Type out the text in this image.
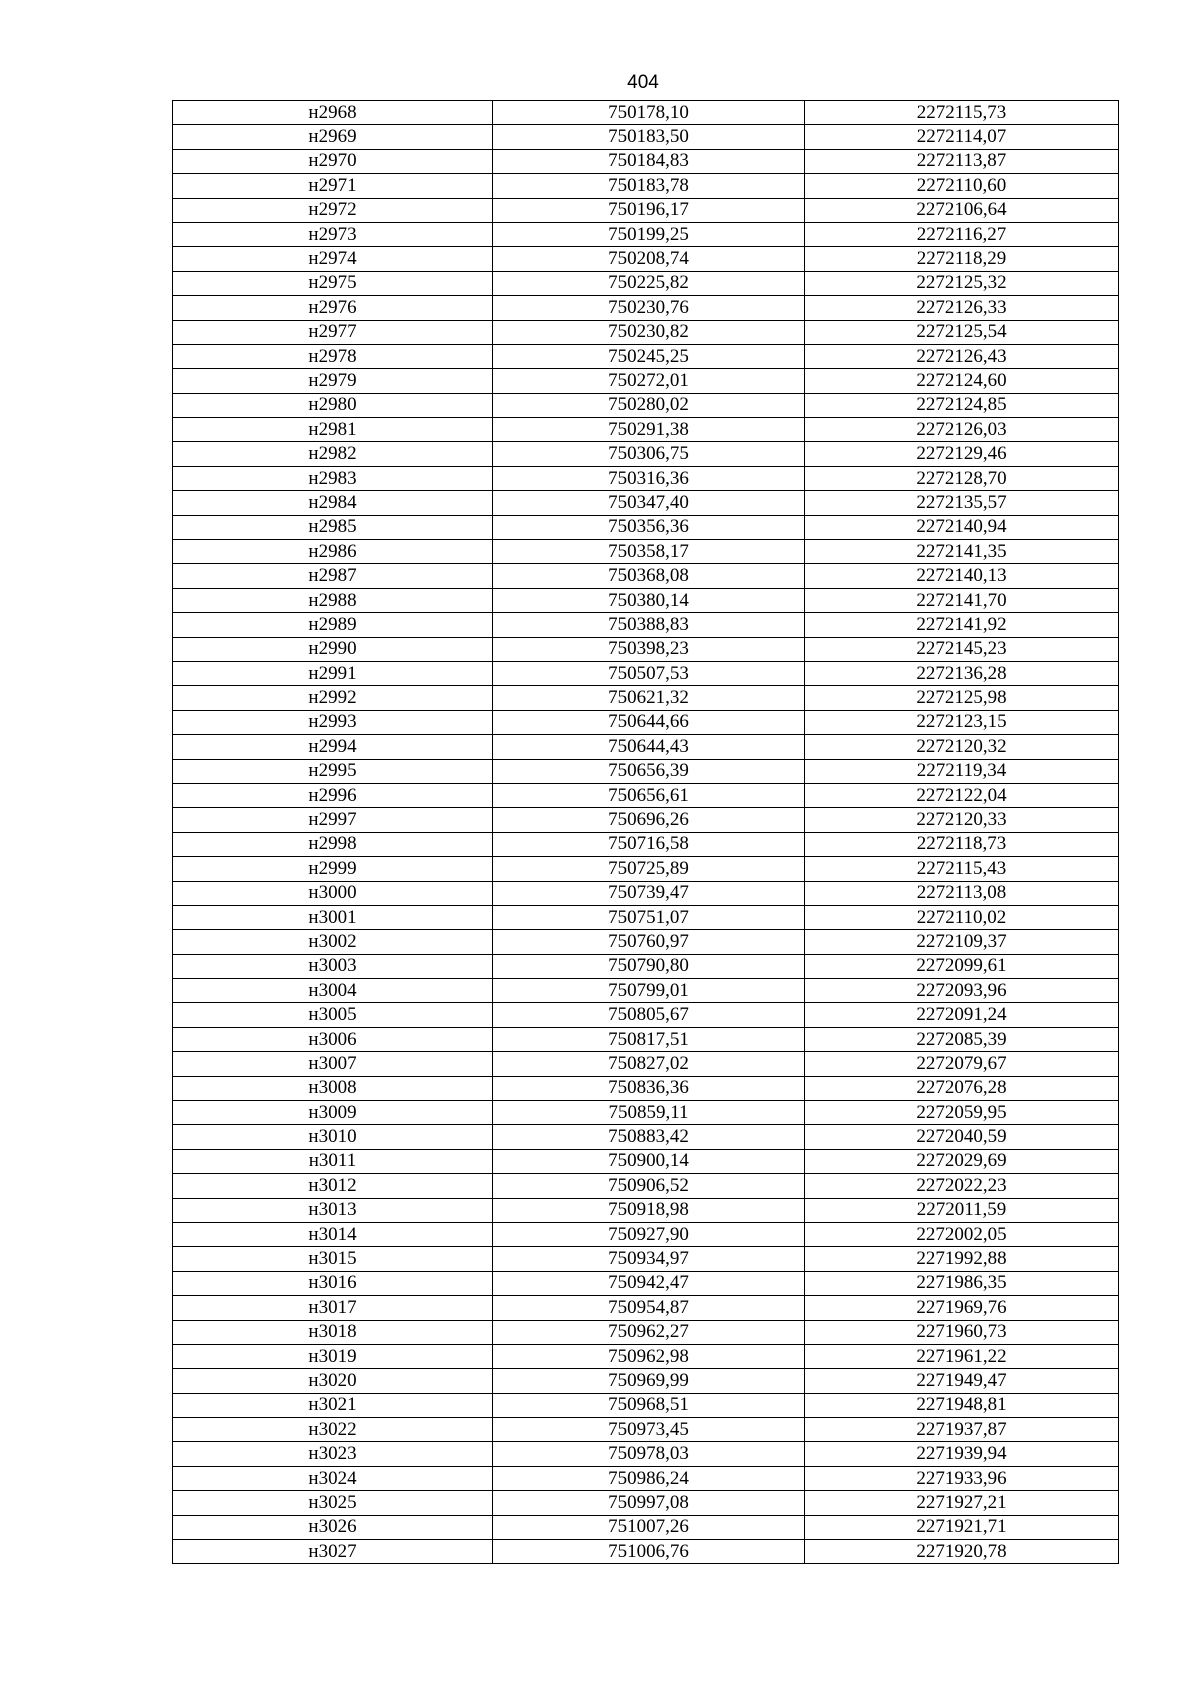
404
н2968	750178,10	2272115,73
н2969	750183,50	2272114,07
н2970	750184,83	2272113,87
н2971	750183,78	2272110,60
н2972	750196,17	2272106,64
н2973	750199,25	2272116,27
н2974	750208,74	2272118,29
н2975	750225,82	2272125,32
н2976	750230,76	2272126,33
н2977	750230,82	2272125,54
н2978	750245,25	2272126,43
н2979	750272,01	2272124,60
н2980	750280,02	2272124,85
н2981	750291,38	2272126,03
н2982	750306,75	2272129,46
н2983	750316,36	2272128,70
н2984	750347,40	2272135,57
н2985	750356,36	2272140,94
н2986	750358,17	2272141,35
н2987	750368,08	2272140,13
н2988	750380,14	2272141,70
н2989	750388,83	2272141,92
н2990	750398,23	2272145,23
н2991	750507,53	2272136,28
н2992	750621,32	2272125,98
н2993	750644,66	2272123,15
н2994	750644,43	2272120,32
н2995	750656,39	2272119,34
н2996	750656,61	2272122,04
н2997	750696,26	2272120,33
н2998	750716,58	2272118,73
н2999	750725,89	2272115,43
н3000	750739,47	2272113,08
н3001	750751,07	2272110,02
н3002	750760,97	2272109,37
н3003	750790,80	2272099,61
н3004	750799,01	2272093,96
н3005	750805,67	2272091,24
н3006	750817,51	2272085,39
н3007	750827,02	2272079,67
н3008	750836,36	2272076,28
н3009	750859,11	2272059,95
н3010	750883,42	2272040,59
н3011	750900,14	2272029,69
н3012	750906,52	2272022,23
н3013	750918,98	2272011,59
н3014	750927,90	2272002,05
н3015	750934,97	2271992,88
н3016	750942,47	2271986,35
н3017	750954,87	2271969,76
н3018	750962,27	2271960,73
н3019	750962,98	2271961,22
н3020	750969,99	2271949,47
н3021	750968,51	2271948,81
н3022	750973,45	2271937,87
н3023	750978,03	2271939,94
н3024	750986,24	2271933,96
н3025	750997,08	2271927,21
н3026	751007,26	2271921,71
н3027	751006,76	2271920,78
